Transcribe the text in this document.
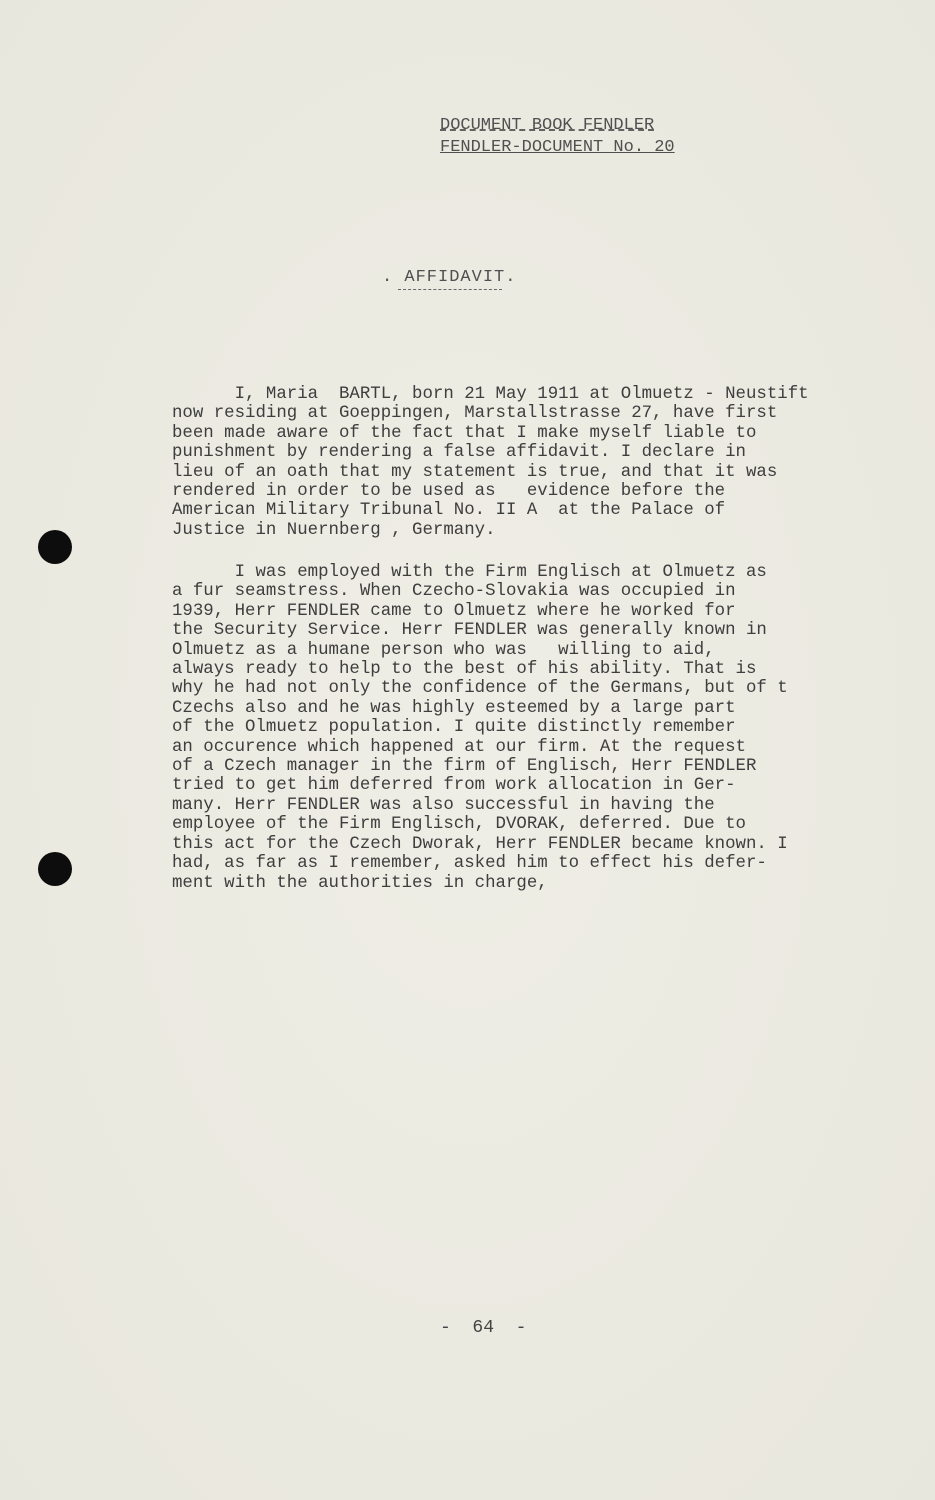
DOCUMENT BOOK FENDLER
FENDLER-DOCUMENT No. 20
. AFFIDAVIT.
I, Maria  BARTL, born 21 May 1911 at Olmuetz - Neustift
now residing at Goeppingen, Marstallstrasse 27, have first
been made aware of the fact that I make myself liable to
punishment by rendering a false affidavit. I declare in
lieu of an oath that my statement is true, and that it was
rendered in order to be used as   evidence before the
American Military Tribunal No. II A  at the Palace of
Justice in Nuernberg , Germany.
I was employed with the Firm Englisch at Olmuetz as
a fur seamstress. When Czecho-Slovakia was occupied in
1939, Herr FENDLER came to Olmuetz where he worked for
the Security Service. Herr FENDLER was generally known in
Olmuetz as a humane person who was   willing to aid,
always ready to help to the best of his ability. That is
why he had not only the confidence of the Germans, but of t
Czechs also and he was highly esteemed by a large part
of the Olmuetz population. I quite distinctly remember
an occurence which happened at our firm. At the request
of a Czech manager in the firm of Englisch, Herr FENDLER
tried to get him deferred from work allocation in Ger-
many. Herr FENDLER was also successful in having the
employee of the Firm Englisch, DVORAK, deferred. Due to
this act for the Czech Dworak, Herr FENDLER became known. I
had, as far as I remember, asked him to effect his defer-
ment with the authorities in charge,
-  64  -
